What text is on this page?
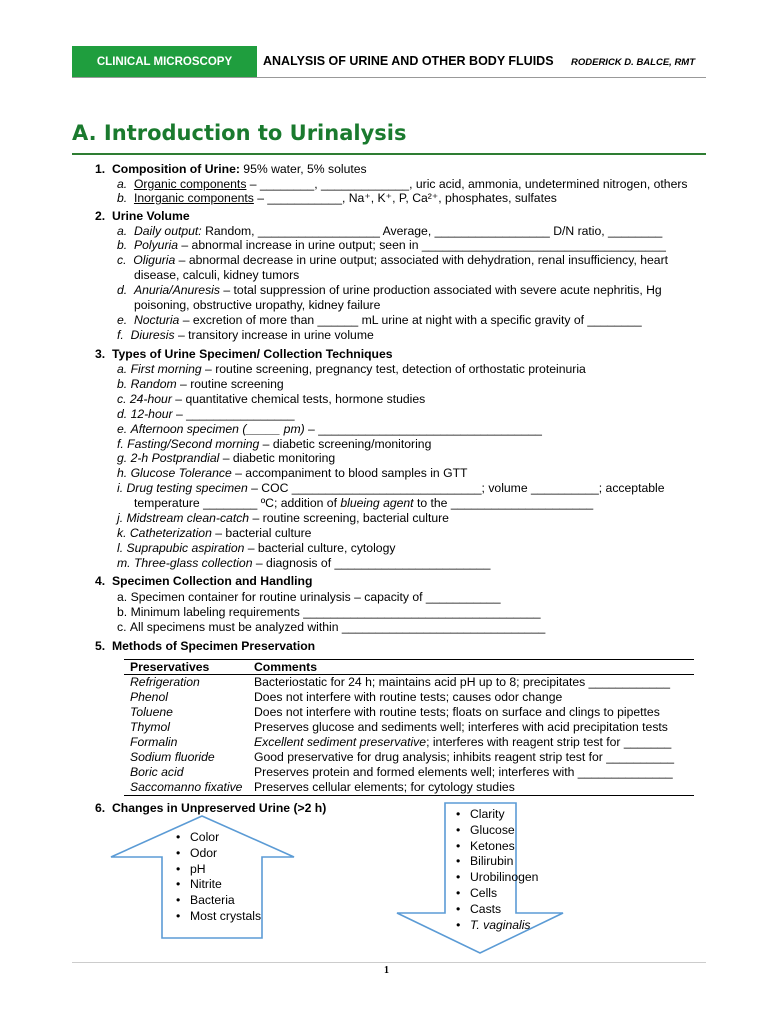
CLINICAL MICROSCOPY	ANALYSIS OF URINE AND OTHER BODY FLUIDS RODERICK D. BALCE, RMT
A. Introduction to Urinalysis
1. Composition of Urine: 95% water, 5% solutes
a. Organic components – ________, _____________, uric acid, ammonia, undetermined nitrogen, others
b. Inorganic components – ___________, Na⁺, K⁺, P, Ca²⁺, phosphates, sulfates
2. Urine Volume
a. Daily output: Random, __________________ Average, _________________ D/N ratio, ________
b. Polyuria – abnormal increase in urine output; seen in ____________________________________
c. Oliguria – abnormal decrease in urine output; associated with dehydration, renal insufficiency, heart
disease, calculi, kidney tumors
d. Anuria/Anuresis – total suppression of urine production associated with severe acute nephritis, Hg
poisoning, obstructive uropathy, kidney failure
e. Nocturia – excretion of more than ______ mL urine at night with a specific gravity of ________
f. Diuresis – transitory increase in urine volume
3. Types of Urine Specimen/ Collection Techniques
a. First morning – routine screening, pregnancy test, detection of orthostatic proteinuria
b. Random – routine screening
c. 24-hour – quantitative chemical tests, hormone studies
d. 12-hour – ________________
e. Afternoon specimen (_____ pm) – _________________________________
f. Fasting/Second morning – diabetic screening/monitoring
g. 2-h Postprandial – diabetic monitoring
h. Glucose Tolerance – accompaniment to blood samples in GTT
i. Drug testing specimen – COC ____________________________; volume __________; acceptable
temperature ________ ºC; addition of blueing agent to the _____________________
j. Midstream clean-catch – routine screening, bacterial culture
k. Catheterization – bacterial culture
l. Suprapubic aspiration – bacterial culture, cytology
m. Three-glass collection – diagnosis of _______________________
4. Specimen Collection and Handling
a. Specimen container for routine urinalysis – capacity of ___________
b. Minimum labeling requirements ___________________________________
c. All specimens must be analyzed within ______________________________
5. Methods of Specimen Preservation
Preservatives	Comments
Refrigeration	Bacteriostatic for 24 h; maintains acid pH up to 8; precipitates ____________
Phenol	Does not interfere with routine tests; causes odor change
Toluene	Does not interfere with routine tests; floats on surface and clings to pipettes
Thymol	Preserves glucose and sediments well; interferes with acid precipitation tests
Formalin	Excellent sediment preservative; interferes with reagent strip test for _______
Sodium fluoride	Good preservative for drug analysis; inhibits reagent strip test for __________
Boric acid	Preserves protein and formed elements well; interferes with ______________
Saccomanno fixative	Preserves cellular elements; for cytology studies
6. Changes in Unpreserved Urine (>2 h)
• Color
• Odor
• pH
• Nitrite
• Bacteria
• Most crystals
• Clarity
• Glucose
• Ketones
• Bilirubin
• Urobilinogen
• Cells
• Casts
• T. vaginalis
1
